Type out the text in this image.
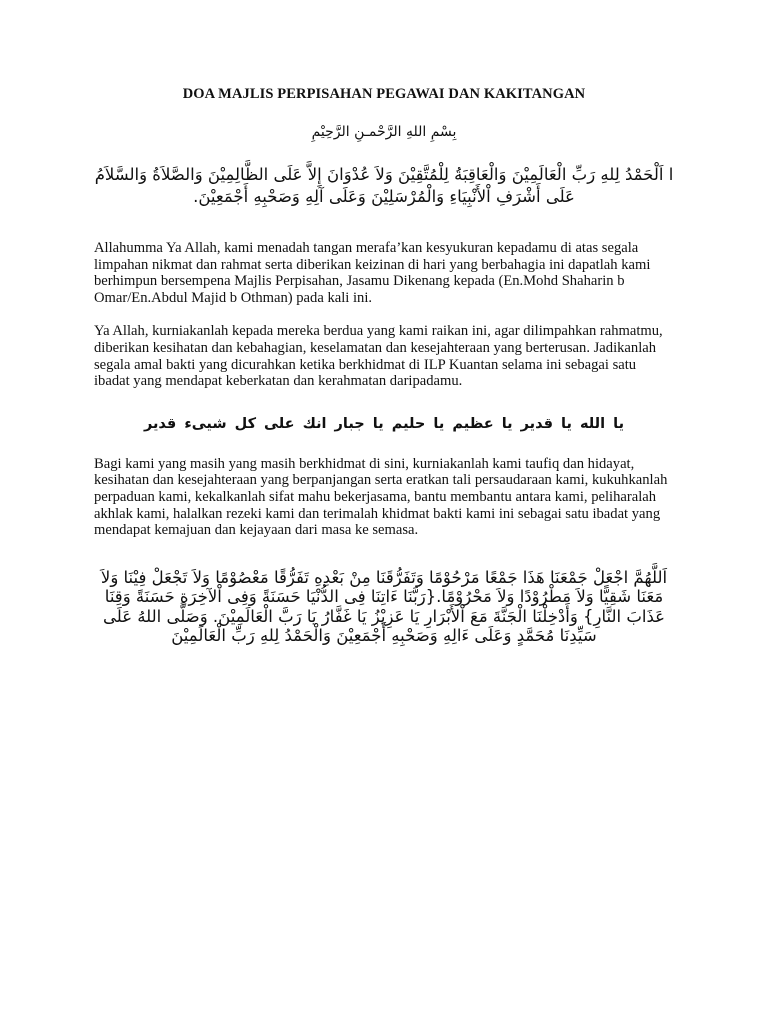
DOA MAJLIS PERPISAHAN PEGAWAI DAN KAKITANGAN

بِسْمِ اللهِ الرَّحْمـنِ الرَّحِيْمِ

ا اَلْحَمْدُ لِلهِ رَبِّ الْعَالَمِيْنَ وَالْعَاقِبَةُ لِلْمُتَّقِيْنَ وَلاَ عُدْوَانَ إِلاَّ عَلَى الظَّالِمِيْنَ وَالصَّلاَةُ وَالسَّلاَمُ عَلَى أَشْرَفِ اْلأَنْبِيَاءِ وَالْمُرْسَلِيْنَ وَعَلَى آلِهِ وَصَحْبِهِ أَجْمَعِيْنَ.

Allahumma Ya Allah, kami menadah tangan merafa’kan kesyukuran kepadamu di atas segala limpahan nikmat dan rahmat serta diberikan keizinan di hari yang berbahagia ini dapatlah kami berhimpun bersempena Majlis Perpisahan, Jasamu Dikenang kepada (En.Mohd Shaharin b Omar/En.Abdul Majid b Othman) pada kali ini.

Ya Allah, kurniakanlah kepada mereka berdua yang kami raikan ini, agar dilimpahkan rahmatmu, diberikan kesihatan dan kebahagian, keselamatan dan kesejahteraan yang berterusan. Jadikanlah segala amal bakti yang dicurahkan ketika berkhidmat di ILP Kuantan selama ini sebagai satu ibadat yang mendapat keberkatan dan kerahmatan daripadamu.

يا الله يا قدير يا عظيم يا حليم يا جبار انك على كل شيىء قدير

Bagi kami yang masih yang masih berkhidmat di sini, kurniakanlah kami taufiq dan hidayat, kesihatan dan kesejahteraan yang berpanjangan serta eratkan tali persaudaraan kami, kukuhkanlah perpaduan kami, kekalkanlah sifat mahu bekerjasama, bantu membantu antara kami, peliharalah akhlak kami, halalkan rezeki kami dan terimalah khidmat bakti kami ini sebagai satu ibadat yang mendapat kemajuan dan kejayaan dari masa ke semasa.

اَللَّهُمَّ اجْعَلْ جَمْعَنَا هَذَا جَمْعًا مَرْحُوْمًا وَتَفَرُّقَنَا مِنْ بَعْدِهِ تَفَرُّقًا مَعْصُوْمًا وَلاَ تَجْعَلْ فِيْنَا وَلاَ مَعَنَا شَقِيًّا وَلاَ مَطْرُوْدًا وَلاَ مَحْرُوْمًا.{رَبَّنَا ءَاتِنَا فِى الدُّنْيَا حَسَنَةً وَفِى اْلآخِرَةِ حَسَنَةً وَقِنَا عَذَابَ النَّارِ} وَأَدْخِلْنَا الْجَنَّةَ مَعَ اْلأَبْرَارِ يَا عَزِيْزُ يَا غَفَّارُ يَا رَبَّ الْعَالَمِيْنَ. وَصَلَّى اللهُ عَلَى سَيِّدِنَا مُحَمَّدٍ وَعَلَى ءَالِهِ وَصَحْبِهِ أَجْمَعِيْنَ وَالْحَمْدُ لِلهِ رَبِّ الْعَالَمِيْنَ
